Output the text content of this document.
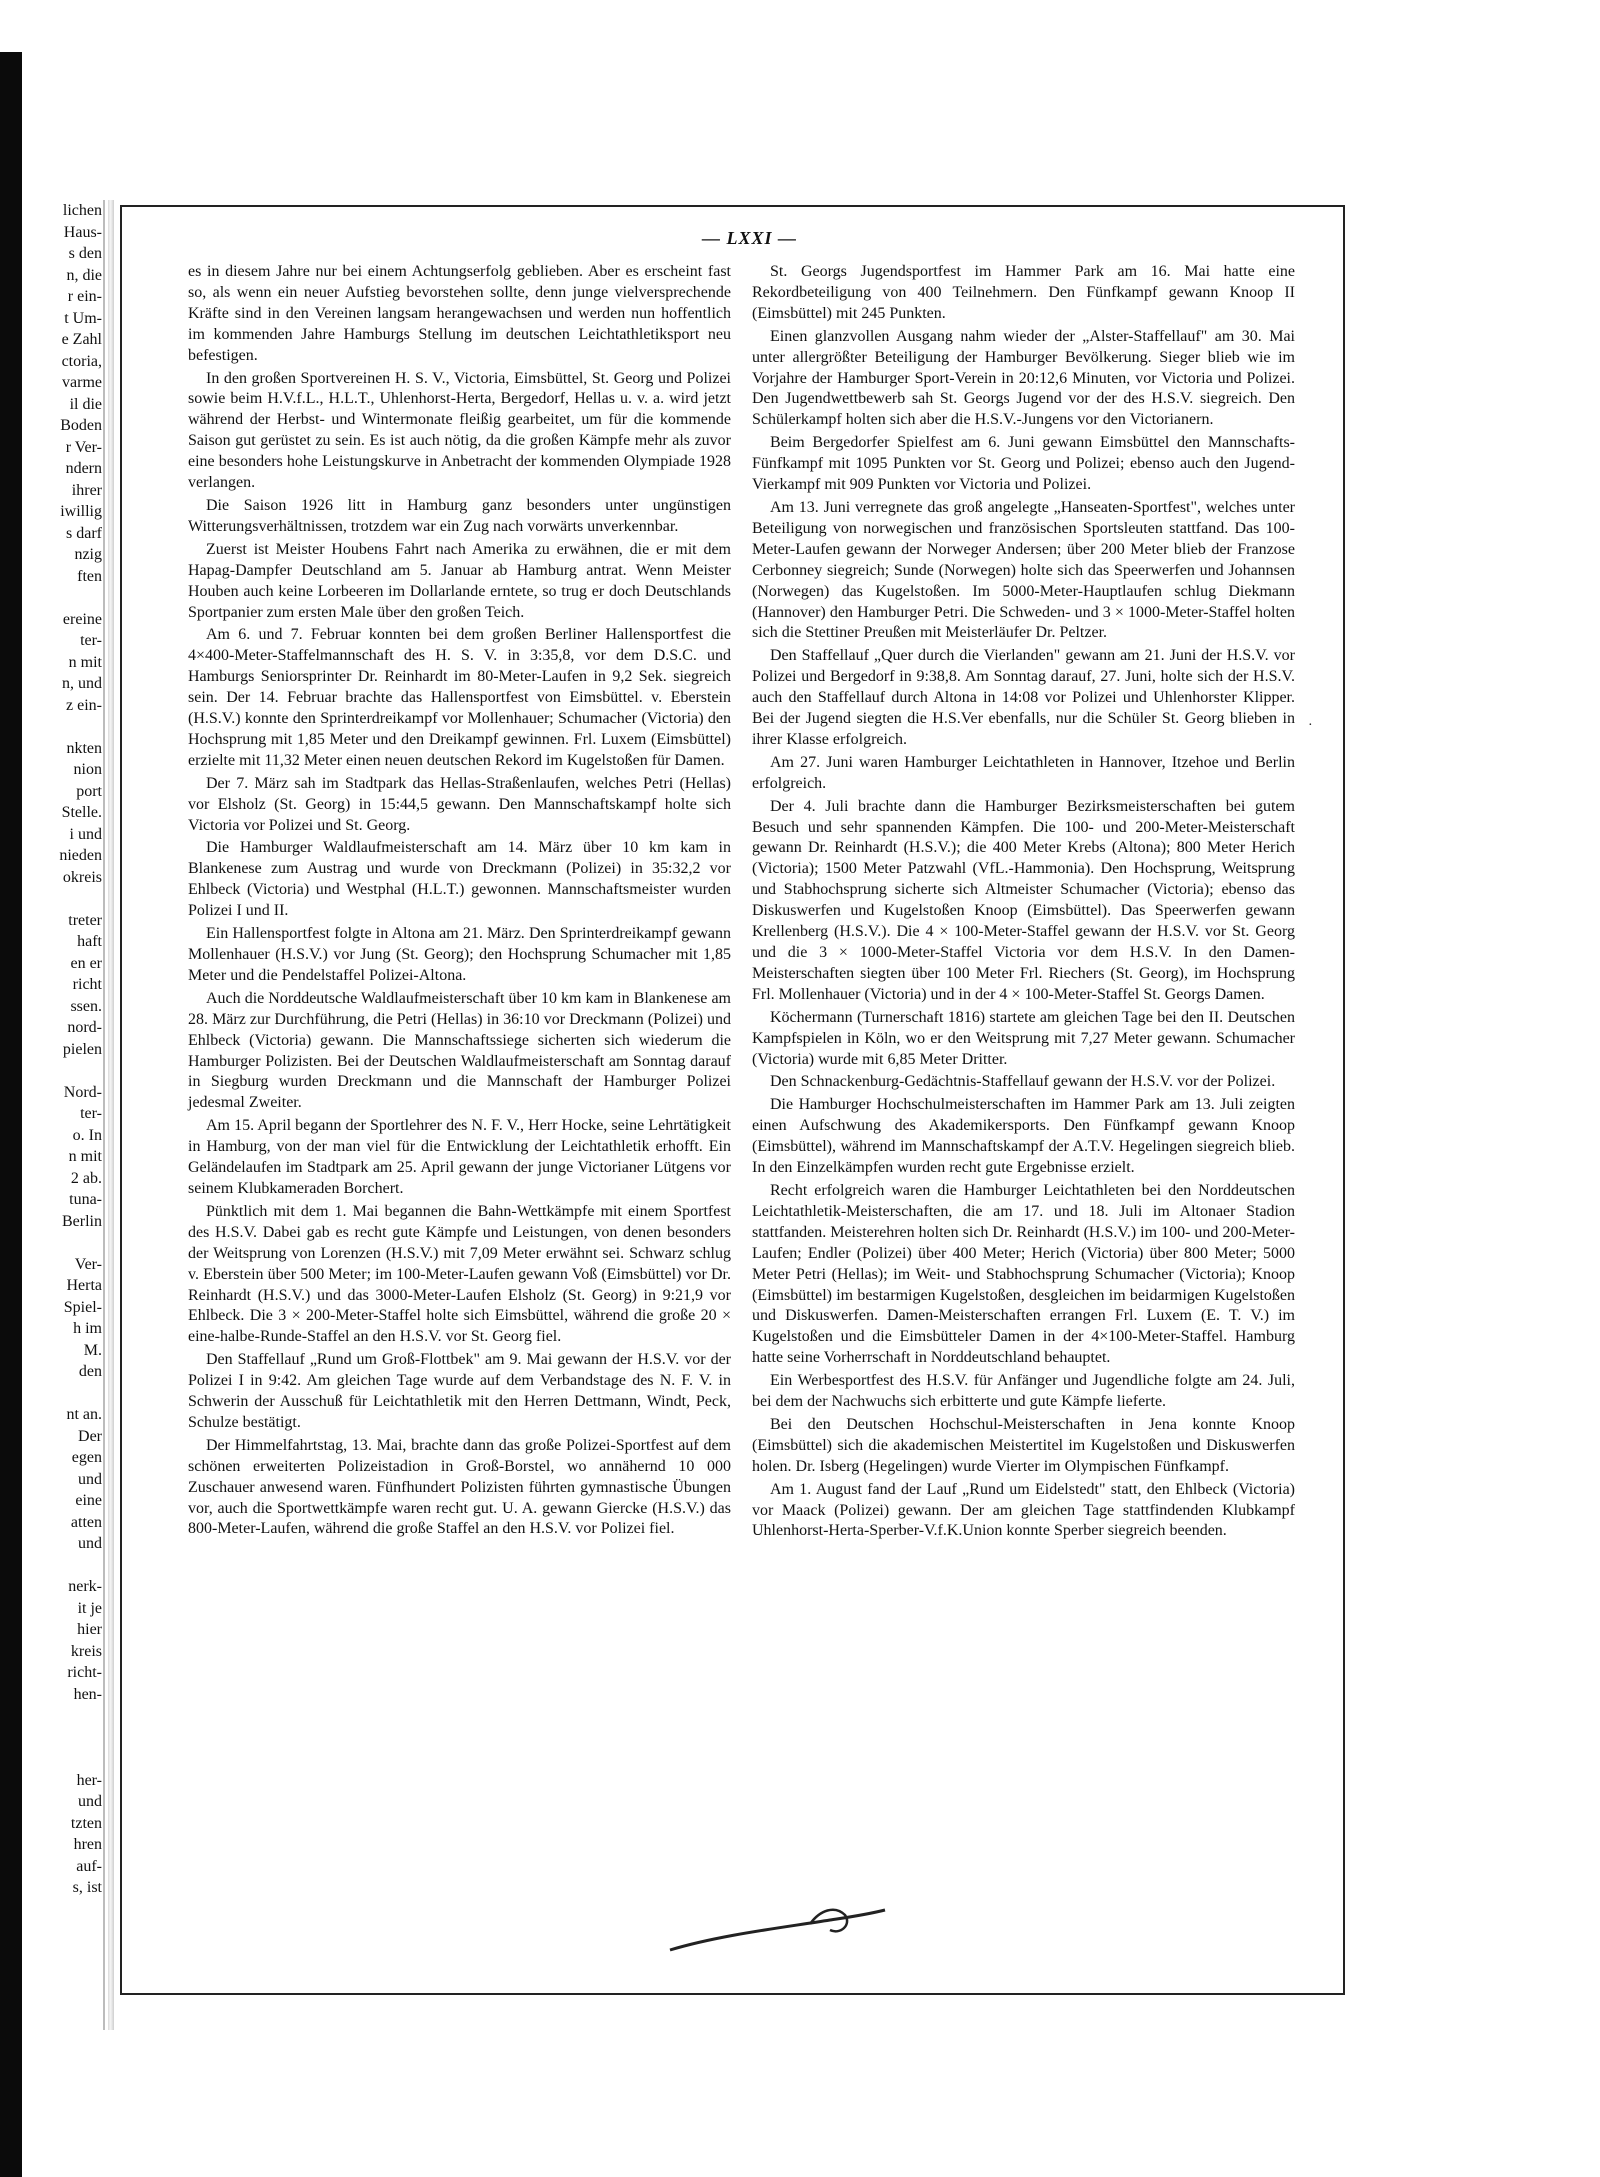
lichen
Haus-
s den
n, die
r ein-
t Um-
e Zahl
ctoria,
varme
il die
Boden
r Ver-
ndern
ihrer
iwillig
s darf
nzig
ften

ereine
ter-
n mit
n, und
z ein-

nkten
nion
port
Stelle.
i und
nieden
okreis

treter
haft
en er
richt
ssen.
nord-
pielen

Nord-
ter-
o. In
n mit
2 ab.
tuna-
Berlin

Ver-
Herta
Spiel-
h im
M.
den

nt an.
Der
egen
und
eine
atten
und

nerk-
it je
hier
kreis
richt-
hen-

her-
und
tzten
hren
auf-
s, ist
— LXXI —

es in diesem Jahre nur bei einem Achtungserfolg geblieben. Aber es erscheint fast so, als wenn ein neuer Aufstieg bevorstehen sollte, denn junge vielversprechende Kräfte sind in den Vereinen langsam herangewachsen und werden nun hoffentlich im kommenden Jahre Hamburgs Stellung im deutschen Leichtathletiksport neu befestigen.

In den großen Sportvereinen H. S. V., Victoria, Eimsbüttel, St. Georg und Polizei sowie beim H.V.f.L., H.L.T., Uhlenhorst-Herta, Bergedorf, Hellas u. v. a. wird jetzt während der Herbst- und Wintermonate fleißig gearbeitet, um für die kommende Saison gut gerüstet zu sein. Es ist auch nötig, da die großen Kämpfe mehr als zuvor eine besonders hohe Leistungskurve in Anbetracht der kommenden Olympiade 1928 verlangen.

Die Saison 1926 litt in Hamburg ganz besonders unter ungünstigen Witterungsverhältnissen, trotzdem war ein Zug nach vorwärts unverkennbar.

Zuerst ist Meister Houbens Fahrt nach Amerika zu erwähnen, die er mit dem Hapag-Dampfer Deutschland am 5. Januar ab Hamburg antrat. Wenn Meister Houben auch keine Lorbeeren im Dollarlande erntete, so trug er doch Deutschlands Sportpanier zum ersten Male über den großen Teich.

Am 6. und 7. Februar konnten bei dem großen Berliner Hallensportfest die 4×400-Meter-Staffelmannschaft des H. S. V. in 3:35,8, vor dem D.S.C. und Hamburgs Seniorsprinter Dr. Reinhardt im 80-Meter-Laufen in 9,2 Sek. siegreich sein. Der 14. Februar brachte das Hallensportfest von Eimsbüttel. v. Eberstein (H.S.V.) konnte den Sprinterdreikampf vor Mollenhauer; Schumacher (Victoria) den Hochsprung mit 1,85 Meter und den Dreikampf gewinnen. Frl. Luxem (Eimsbüttel) erzielte mit 11,32 Meter einen neuen deutschen Rekord im Kugelstoßen für Damen.

Der 7. März sah im Stadtpark das Hellas-Straßenlaufen, welches Petri (Hellas) vor Elsholz (St. Georg) in 15:44,5 gewann. Den Mannschaftskampf holte sich Victoria vor Polizei und St. Georg.

Die Hamburger Waldlaufmeisterschaft am 14. März über 10 km kam in Blankenese zum Austrag und wurde von Dreckmann (Polizei) in 35:32,2 vor Ehlbeck (Victoria) und Westphal (H.L.T.) gewonnen. Mannschaftsmeister wurden Polizei I und II.

Ein Hallensportfest folgte in Altona am 21. März. Den Sprinterdreikampf gewann Mollenhauer (H.S.V.) vor Jung (St. Georg); den Hochsprung Schumacher mit 1,85 Meter und die Pendelstaffel Polizei-Altona.

Auch die Norddeutsche Waldlaufmeisterschaft über 10 km kam in Blankenese am 28. März zur Durchführung, die Petri (Hellas) in 36:10 vor Dreckmann (Polizei) und Ehlbeck (Victoria) gewann. Die Mannschaftssiege sicherten sich wiederum die Hamburger Polizisten. Bei der Deutschen Waldlaufmeisterschaft am Sonntag darauf in Siegburg wurden Dreckmann und die Mannschaft der Hamburger Polizei jedesmal Zweiter.

Am 15. April begann der Sportlehrer des N. F. V., Herr Hocke, seine Lehrtätigkeit in Hamburg, von der man viel für die Entwicklung der Leichtathletik erhofft. Ein Geländelaufen im Stadtpark am 25. April gewann der junge Victorianer Lütgens vor seinem Klubkameraden Borchert.

Pünktlich mit dem 1. Mai begannen die Bahn-Wettkämpfe mit einem Sportfest des H.S.V. Dabei gab es recht gute Kämpfe und Leistungen, von denen besonders der Weitsprung von Lorenzen (H.S.V.) mit 7,09 Meter erwähnt sei. Schwarz schlug v. Eberstein über 500 Meter; im 100-Meter-Laufen gewann Voß (Eimsbüttel) vor Dr. Reinhardt (H.S.V.) und das 3000-Meter-Laufen Elsholz (St. Georg) in 9:21,9 vor Ehlbeck. Die 3 × 200-Meter-Staffel holte sich Eimsbüttel, während die große 20 × eine-halbe-Runde-Staffel an den H.S.V. vor St. Georg fiel.

Den Staffellauf „Rund um Groß-Flottbek" am 9. Mai gewann der H.S.V. vor der Polizei I in 9:42. Am gleichen Tage wurde auf dem Verbandstage des N. F. V. in Schwerin der Ausschuß für Leichtathletik mit den Herren Dettmann, Windt, Peck, Schulze bestätigt.

Der Himmelfahrtstag, 13. Mai, brachte dann das große Polizei-Sportfest auf dem schönen erweiterten Polizeistadion in Groß-Borstel, wo annähernd 10 000 Zuschauer anwesend waren. Fünfhundert Polizisten führten gymnastische Übungen vor, auch die Sportwettkämpfe waren recht gut. U. A. gewann Giercke (H.S.V.) das 800-Meter-Laufen, während die große Staffel an den H.S.V. vor Polizei fiel.

St. Georgs Jugendsportfest im Hammer Park am 16. Mai hatte eine Rekordbeteiligung von 400 Teilnehmern. Den Fünfkampf gewann Knoop II (Eimsbüttel) mit 245 Punkten.

Einen glanzvollen Ausgang nahm wieder der „Alster-Staffellauf" am 30. Mai unter allergrößter Beteiligung der Hamburger Bevölkerung. Sieger blieb wie im Vorjahre der Hamburger Sport-Verein in 20:12,6 Minuten, vor Victoria und Polizei. Den Jugendwettbewerb sah St. Georgs Jugend vor der des H.S.V. siegreich. Den Schülerkampf holten sich aber die H.S.V.-Jungens vor den Victorianern.

Beim Bergedorfer Spielfest am 6. Juni gewann Eimsbüttel den Mannschafts-Fünfkampf mit 1095 Punkten vor St. Georg und Polizei; ebenso auch den Jugend-Vierkampf mit 909 Punkten vor Victoria und Polizei.

Am 13. Juni verregnete das groß angelegte „Hanseaten-Sportfest", welches unter Beteiligung von norwegischen und französischen Sportsleuten stattfand. Das 100-Meter-Laufen gewann der Norweger Andersen; über 200 Meter blieb der Franzose Cerbonney siegreich; Sunde (Norwegen) holte sich das Speerwerfen und Johannsen (Norwegen) das Kugelstoßen. Im 5000-Meter-Hauptlaufen schlug Diekmann (Hannover) den Hamburger Petri. Die Schweden- und 3 × 1000-Meter-Staffel holten sich die Stettiner Preußen mit Meisterläufer Dr. Peltzer.

Den Staffellauf „Quer durch die Vierlanden" gewann am 21. Juni der H.S.V. vor Polizei und Bergedorf in 9:38,8. Am Sonntag darauf, 27. Juni, holte sich der H.S.V. auch den Staffellauf durch Altona in 14:08 vor Polizei und Uhlenhorster Klipper. Bei der Jugend siegten die H.S.Ver ebenfalls, nur die Schüler St. Georg blieben in ihrer Klasse erfolgreich.

Am 27. Juni waren Hamburger Leichtathleten in Hannover, Itzehoe und Berlin erfolgreich.

Der 4. Juli brachte dann die Hamburger Bezirksmeisterschaften bei gutem Besuch und sehr spannenden Kämpfen. Die 100- und 200-Meter-Meisterschaft gewann Dr. Reinhardt (H.S.V.); die 400 Meter Krebs (Altona); 800 Meter Herich (Victoria); 1500 Meter Patzwahl (VfL.-Hammonia). Den Hochsprung, Weitsprung und Stabhochsprung sicherte sich Altmeister Schumacher (Victoria); ebenso das Diskuswerfen und Kugelstoßen Knoop (Eimsbüttel). Das Speerwerfen gewann Krellenberg (H.S.V.). Die 4 × 100-Meter-Staffel gewann der H.S.V. vor St. Georg und die 3 × 1000-Meter-Staffel Victoria vor dem H.S.V. In den Damen-Meisterschaften siegten über 100 Meter Frl. Riechers (St. Georg), im Hochsprung Frl. Mollenhauer (Victoria) und in der 4 × 100-Meter-Staffel St. Georgs Damen.

Köchermann (Turnerschaft 1816) startete am gleichen Tage bei den II. Deutschen Kampfspielen in Köln, wo er den Weitsprung mit 7,27 Meter gewann. Schumacher (Victoria) wurde mit 6,85 Meter Dritter.

Den Schnackenburg-Gedächtnis-Staffellauf gewann der H.S.V. vor der Polizei.

Die Hamburger Hochschulmeisterschaften im Hammer Park am 13. Juli zeigten einen Aufschwung des Akademikersports. Den Fünfkampf gewann Knoop (Eimsbüttel), während im Mannschaftskampf der A.T.V. Hegelingen siegreich blieb. In den Einzelkämpfen wurden recht gute Ergebnisse erzielt.

Recht erfolgreich waren die Hamburger Leichtathleten bei den Norddeutschen Leichtathletik-Meisterschaften, die am 17. und 18. Juli im Altonaer Stadion stattfanden. Meisterehren holten sich Dr. Reinhardt (H.S.V.) im 100- und 200-Meter-Laufen; Endler (Polizei) über 400 Meter; Herich (Victoria) über 800 Meter; 5000 Meter Petri (Hellas); im Weit- und Stabhochsprung Schumacher (Victoria); Knoop (Eimsbüttel) im bestarmigen Kugelstoßen, desgleichen im beidarmigen Kugelstoßen und Diskuswerfen. Damen-Meisterschaften errangen Frl. Luxem (E. T. V.) im Kugelstoßen und die Eimsbütteler Damen in der 4×100-Meter-Staffel. Hamburg hatte seine Vorherrschaft in Norddeutschland behauptet.

Ein Werbesportfest des H.S.V. für Anfänger und Jugendliche folgte am 24. Juli, bei dem der Nachwuchs sich erbitterte und gute Kämpfe lieferte.

Bei den Deutschen Hochschul-Meisterschaften in Jena konnte Knoop (Eimsbüttel) sich die akademischen Meistertitel im Kugelstoßen und Diskuswerfen holen. Dr. Isberg (Hegelingen) wurde Vierter im Olympischen Fünfkampf.

Am 1. August fand der Lauf „Rund um Eidelstedt" statt, den Ehlbeck (Victoria) vor Maack (Polizei) gewann. Der am gleichen Tage stattfindenden Klubkampf Uhlenhorst-Herta-Sperber-V.f.K.Union konnte Sperber siegreich beenden.

·
